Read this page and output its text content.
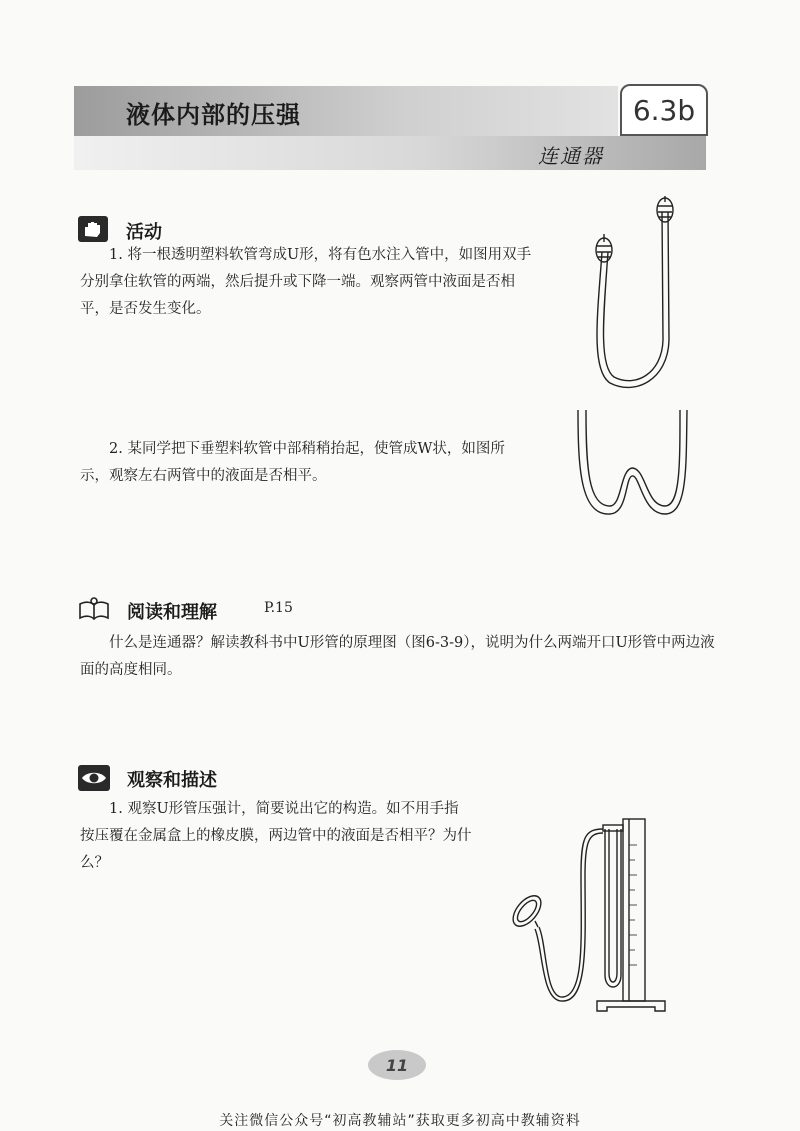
液体内部的压强	6.3b
连通器
活动
1. 将一根透明塑料软管弯成U形，将有色水注入管中，如图用双手分别拿住软管的两端，然后提升或下降一端。观察两管中液面是否相平，是否发生变化。
2. 某同学把下垂塑料软管中部稍稍抬起，使管成W状，如图所示，观察左右两管中的液面是否相平。
阅读和理解	P.15
什么是连通器？解读教科书中U形管的原理图（图6-3-9），说明为什么两端开口U形管中两边液面的高度相同。
观察和描述
1. 观察U形管压强计，简要说出它的构造。如不用手指按压覆在金属盒上的橡皮膜，两边管中的液面是否相平？为什么？
11
关注微信公众号“初高教辅站”获取更多初高中教辅资料
